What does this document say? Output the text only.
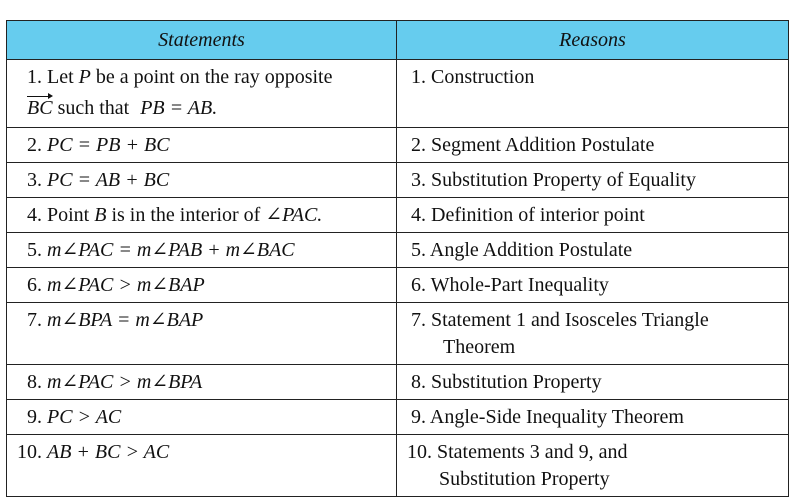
Statements	Reasons

1. Let P be a point on the ray opposite
BC such that PB = AB.	1. Construction
2. PC = PB + BC	2. Segment Addition Postulate
3. PC = AB + BC	3. Substitution Property of Equality
4. Point B is in the interior of ∠PAC.	4. Definition of interior point
5. m∠PAC = m∠PAB + m∠BAC	5. Angle Addition Postulate
6. m∠PAC > m∠BAP	6. Whole-Part Inequality
7. m∠BPA = m∠BAP	7. Statement 1 and Isosceles Triangle
Theorem

8. m∠PAC > m∠BPA	8. Substitution Property
9. PC > AC	9. Angle-Side Inequality Theorem
10. AB + BC > AC	10. Statements 3 and 9, and
Substitution Property
